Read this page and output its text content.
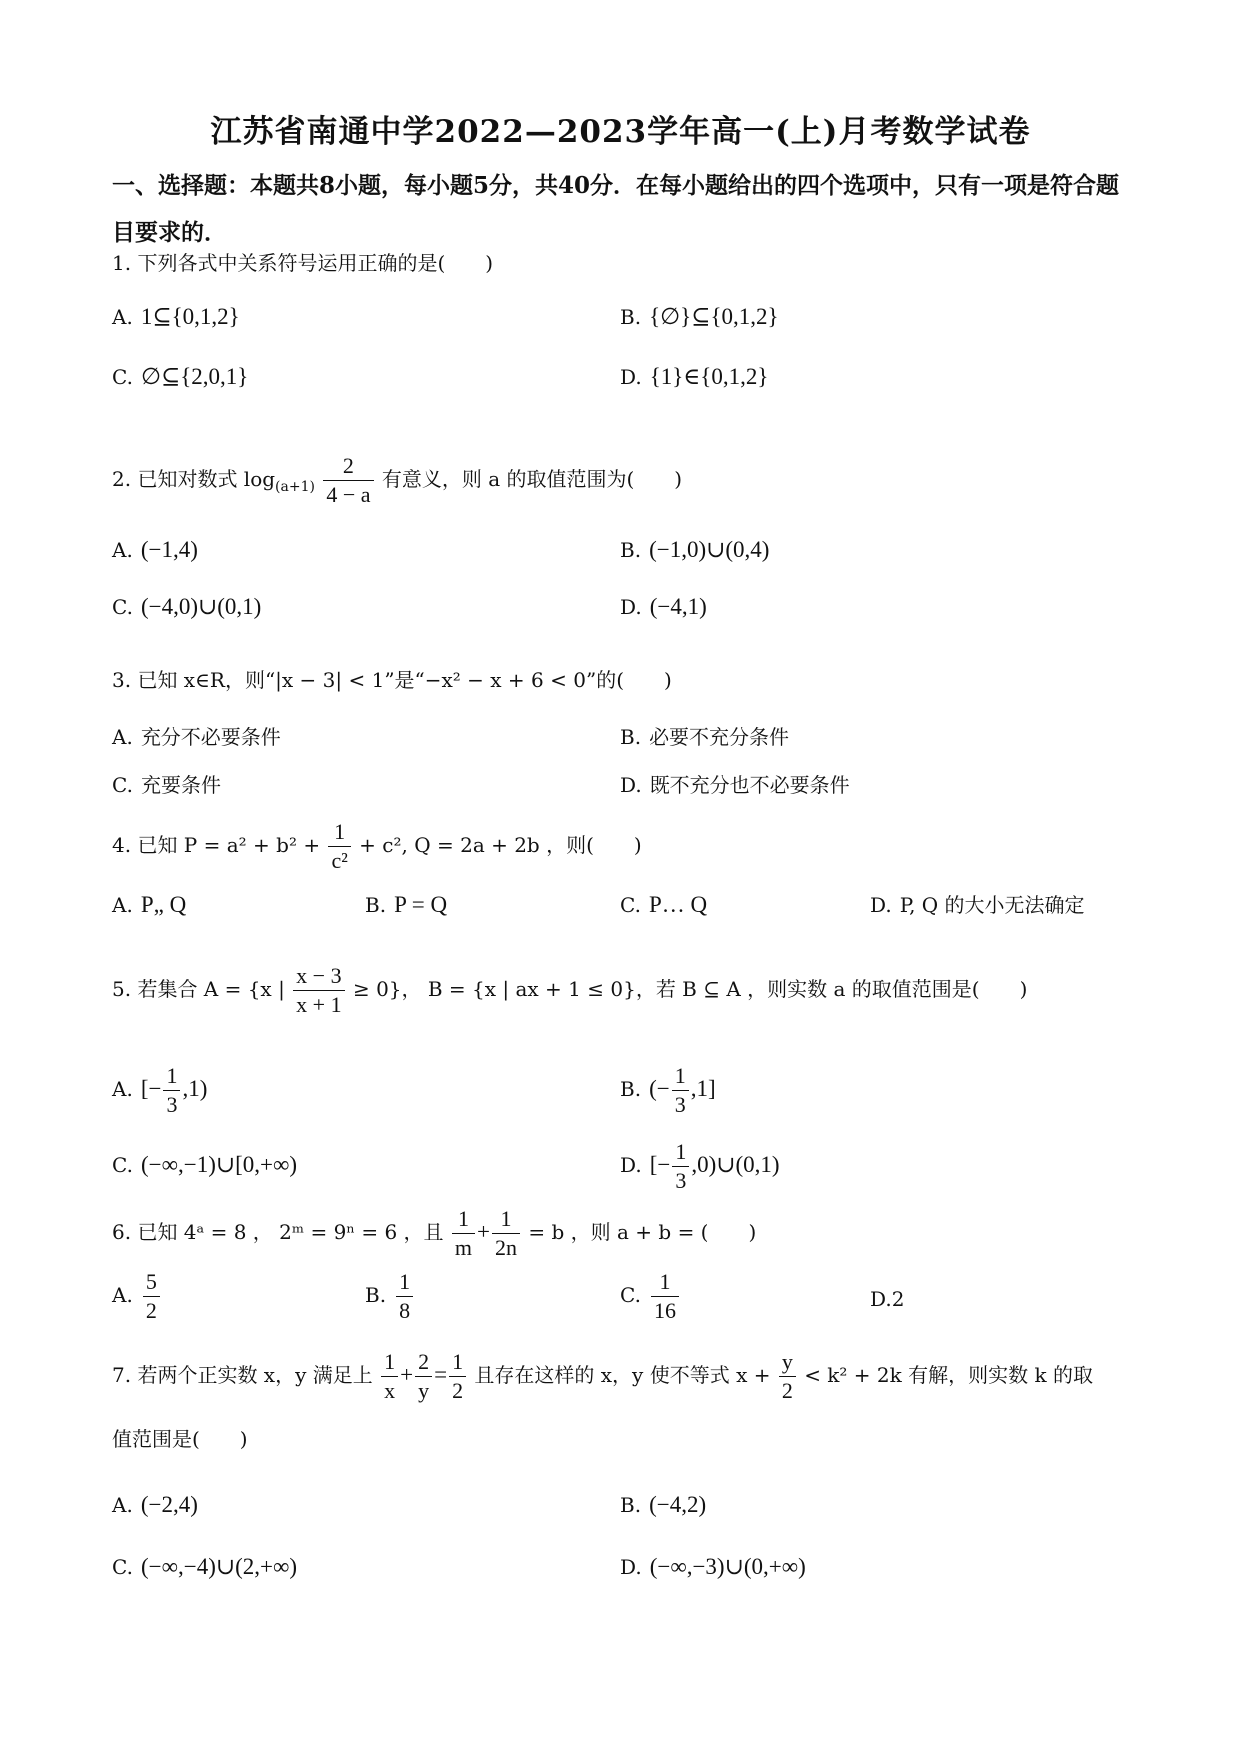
江苏省南通中学2022—2023学年高一(上)月考数学试卷
一、选择题：本题共8小题，每小题5分，共40分．在每小题给出的四个选项中，只有一项是符合题目要求的．
1. 下列各式中关系符号运用正确的是(　　)
A. 1⊆{0,1,2}	B. {∅}⊆{0,1,2}
C. ∅⊆{2,0,1}	D. {1}∈{0,1,2}
2. 已知对数式 $\log_{(a+1)} \frac{2}{4 - a}$ 有意义，则 a 的取值范围为(　　)
A. (−1,4)	B. (−1,0)∪(0,4)
C. (−4,0)∪(0,1)	D. (−4,1)
3. 已知 x∈R，则“|x − 3| < 1”是“−x² − x + 6 < 0”的(　　)
A. 充分不必要条件	B. 必要不充分条件
C. 充要条件	D. 既不充分也不必要条件
4. 已知 $P = a^2 + b^2 + \frac{1}{\text{c²}} + c^2$, Q = 2a + 2b ，则(　　)
A. P„ Q	B. P = Q	C. P… Q	D. P, Q 的大小无法确定
5. 若集合 A = {x | $\frac{x - 3}{x + 1} \ge 0$}， B = {x | ax + 1 ≤ 0}，若 B ⊆ A ，则实数 a 的取值范围是(　　)
A. [− $\frac{1}{3} ,1$)	B. (− $\frac{1}{3} ,1$]
C. (−∞,−1)∪[0,+∞)	D. [− $\frac{1}{3}$ ,0)∪(0,1)
6. 已知 4ᵃ = 8 ， 2ᵐ = 9ⁿ = 6 ，且 $\frac{1}{m} + \frac{1}{2n} = b$ ，则 a + b = (　　)
A. $\frac{5}{2}$	B. $\frac{1}{8}$	C. $\frac{1}{16}$	D.2
7. 若两个正实数 x，y 满足上 $\frac{1}{x} + \frac{2}{y} = \frac{1}{2}$ 且存在这样的 x，y 使不等式 $x + \frac{y}{2} < k^2 + 2k$ 有解，则实数 k 的取
值范围是(　　)
A. (−2,4)	B. (−4,2)
C. (−∞,−4)∪(2,+∞)	D. (−∞,−3)∪(0,+∞)
